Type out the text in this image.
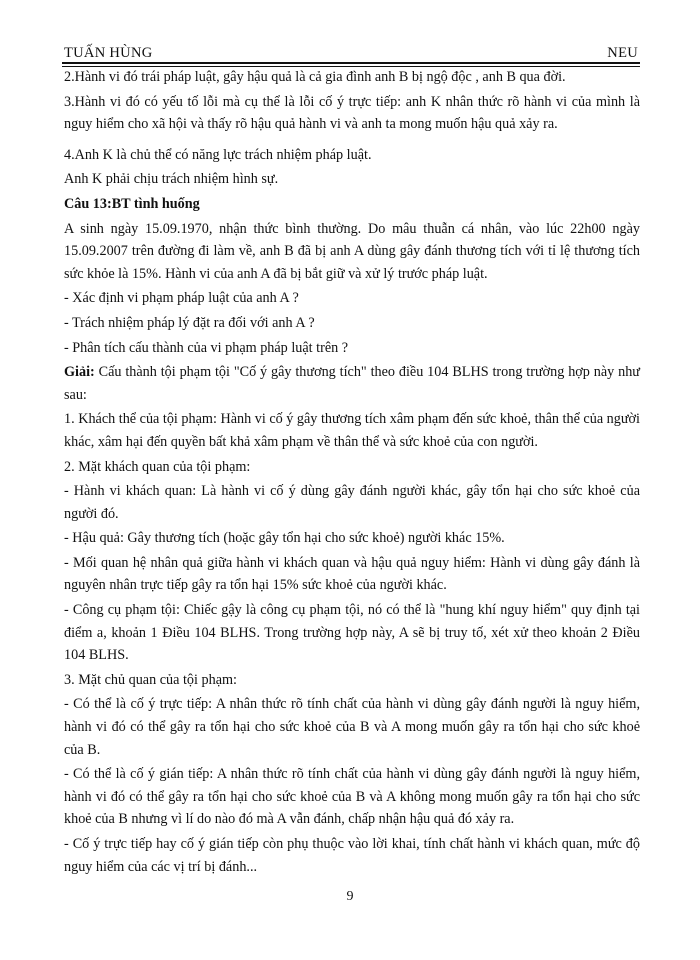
TUẤN HÙNG	NEU

2.Hành vi đó trái pháp luật, gây hậu quả là cả gia đình anh B bị ngộ độc , anh B qua đời.

3.Hành vi đó có yếu tố lỗi mà cụ thể là lỗi cố ý trực tiếp: anh K nhân thức rõ hành vi của mình là nguy hiểm cho xã hội và thấy rõ hậu quả hành vi và anh ta mong muốn hậu quả xảy ra.

4.Anh K là chủ thể có năng lực trách nhiệm pháp luật.

Anh K phải chịu trách nhiệm hình sự.

Câu 13:BT tình huống

A sinh ngày 15.09.1970, nhận thức bình thường. Do mâu thuẫn cá nhân, vào lúc 22h00 ngày 15.09.2007 trên đường đi làm về, anh B đã bị anh A dùng gây đánh thương tích với tỉ lệ thương tích sức khỏe là 15%. Hành vi của anh A đã bị bắt giữ và xử lý trước pháp luật.

- Xác định vi phạm pháp luật của anh A ?

- Trách nhiệm pháp lý đặt ra đối với anh A ?

- Phân tích cấu thành của vi phạm pháp luật trên ?

Giải: Cấu thành tội phạm tội "Cố ý gây thương tích" theo điều 104 BLHS trong trường hợp này như sau:

1. Khách thể của tội phạm: Hành vi cố ý gây thương tích xâm phạm đến sức khoẻ, thân thể của người khác, xâm hại đến quyền bất khả xâm phạm về thân thể và sức khoẻ của con người.

2. Mặt khách quan của tội phạm:

- Hành vi khách quan: Là hành vi cố ý dùng gây đánh người khác, gây tổn hại cho sức khoẻ của người đó.

- Hậu quả: Gây thương tích (hoặc gây tổn hại cho sức khoẻ) người khác 15%.

- Mối quan hệ nhân quả giữa hành vi khách quan và hậu quả nguy hiểm: Hành vi dùng gây đánh là nguyên nhân trực tiếp gây ra tổn hại 15% sức khoẻ của người khác.

- Công cụ phạm tội: Chiếc gậy là công cụ phạm tội, nó có thể là "hung khí nguy hiểm" quy định tại điểm a, khoản 1 Điều 104 BLHS. Trong trường hợp này, A sẽ bị truy tố, xét xử theo khoản 2 Điều 104 BLHS.

3. Mặt chủ quan của tội phạm:

- Có thể là cố ý trực tiếp: A nhân thức rõ tính chất của hành vi dùng gây đánh người là nguy hiểm, hành vi đó có thể gây ra tổn hại cho sức khoẻ của B và A mong muốn gây ra tổn hại cho sức khoẻ của B.

- Có thể là cố ý gián tiếp: A nhân thức rõ tính chất của hành vi dùng gây đánh người là nguy hiểm, hành vi đó có thể gây ra tổn hại cho sức khoẻ của B và A không mong muốn gây ra tổn hại cho sức khoẻ của B nhưng vì lí do nào đó mà A vẫn đánh, chấp nhận hậu quả đó xảy ra.

- Cố ý trực tiếp hay cố ý gián tiếp còn phụ thuộc vào lời khai, tính chất hành vi khách quan, mức độ nguy hiểm của các vị trí bị đánh...

9
